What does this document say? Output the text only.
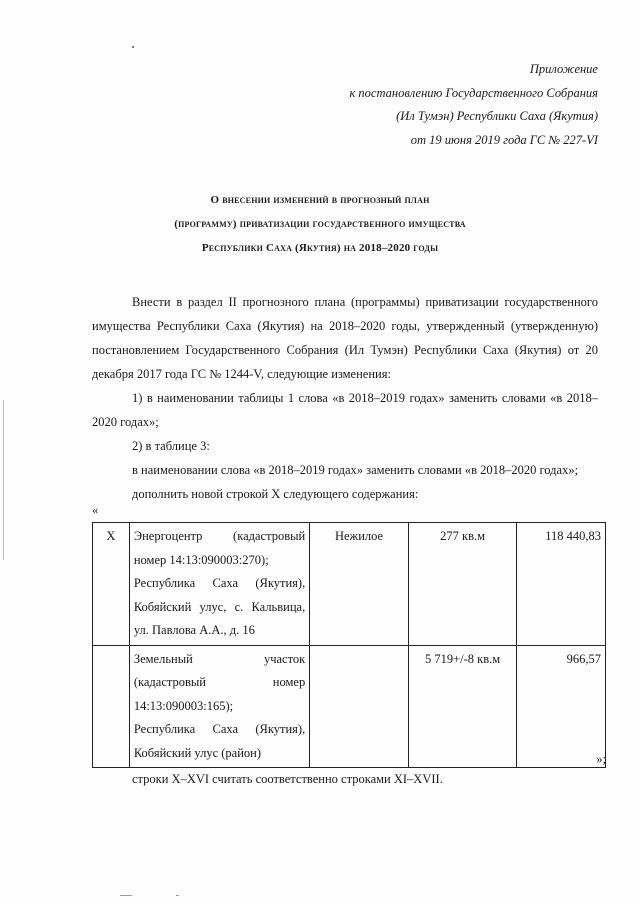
Приложение
к постановлению Государственного Собрания
(Ил Тумэн) Республики Саха (Якутия)
от 19 июня 2019 года ГС № 227-VI
О внесении изменений в прогнозный план
(программу) приватизации государственного имущества
Республики Саха (Якутия) на 2018–2020 годы

Внести в раздел II прогнозного плана (программы) приватизации государственного имущества Республики Саха (Якутия) на 2018–2020 годы, утвержденный (утвержденную) постановлением Государственного Собрания (Ил Тумэн) Республики Саха (Якутия) от 20 декабря 2017 года ГС № 1244-V, следующие изменения:

1) в наименовании таблицы 1 слова «в 2018–2019 годах» заменить словами «в 2018–2020 годах»;

2) в таблице 3:

в наименовании слова «в 2018–2019 годах» заменить словами «в 2018–2020 годах»;

дополнить новой строкой Х следующего содержания:

«
Х	Энергоцентр (кадастровый номер 14:13:090003:270);
Республика Саха (Якутия), Кобяйский улус, с. Кальвица, ул. Павлова А.А., д. 16	Нежилое	277 кв.м	118 440,83

	Земельный участок (кадастровый номер 14:13:090003:165);
Республика Саха (Якутия), Кобяйский улус (район)		5 719+/-8 кв.м	966,57
»;
строки Х–XVI считать соответственно строками XI–XVII.
